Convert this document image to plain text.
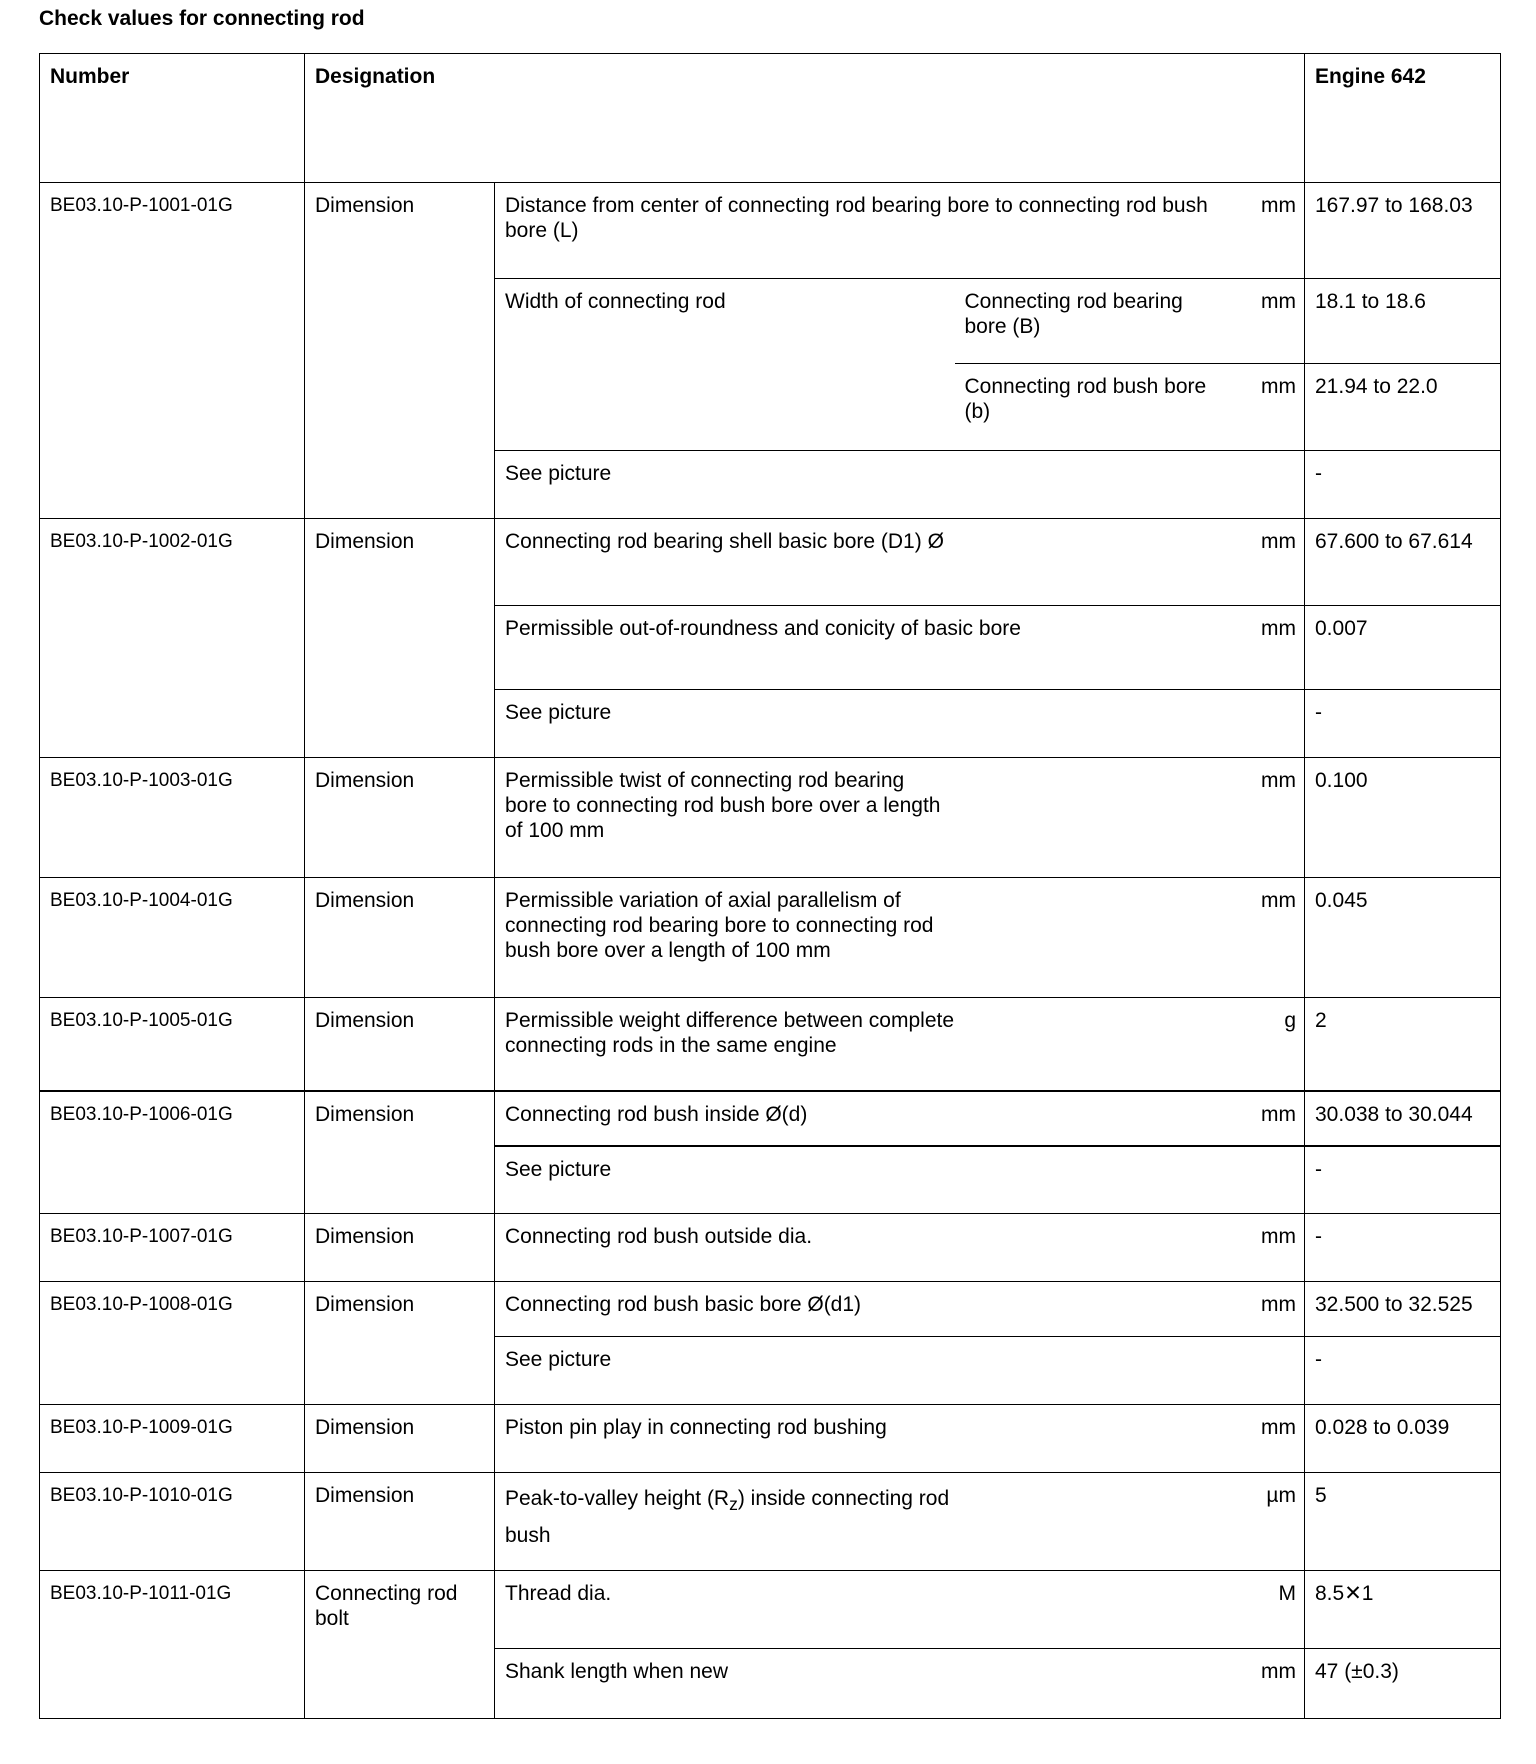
Check values for connecting rod
Number	Designation				Engine 642
BE03.10-P-1001-01G	Dimension	Distance from center of connecting rod bearing bore to connecting rod bush bore (L)		mm	167.97 to 168.03
		Width of connecting rod	Connecting rod bearing bore (B)	mm	18.1 to 18.6
			Connecting rod bush bore (b)	mm	21.94 to 22.0
		See picture			-
BE03.10-P-1002-01G	Dimension	Connecting rod bearing shell basic bore (D1) Ø		mm	67.600 to 67.614
		Permissible out-of-roundness and conicity of basic bore		mm	0.007
		See picture			-
BE03.10-P-1003-01G	Dimension	Permissible twist of connecting rod bearing bore to connecting rod bush bore over a length of 100 mm		mm	0.100
BE03.10-P-1004-01G	Dimension	Permissible variation of axial parallelism of connecting rod bearing bore to connecting rod bush bore over a length of 100 mm		mm	0.045
BE03.10-P-1005-01G	Dimension	Permissible weight difference between complete connecting rods in the same engine		g	2
BE03.10-P-1006-01G	Dimension	Connecting rod bush inside Ø(d)		mm	30.038 to 30.044
		See picture			-
BE03.10-P-1007-01G	Dimension	Connecting rod bush outside dia.		mm	-
BE03.10-P-1008-01G	Dimension	Connecting rod bush basic bore Ø(d1)		mm	32.500 to 32.525
		See picture			-
BE03.10-P-1009-01G	Dimension	Piston pin play in connecting rod bushing		mm	0.028 to 0.039
BE03.10-P-1010-01G	Dimension	Peak-to-valley height $(R_z)$ inside connecting rod bush		µm	5
BE03.10-P-1011-01G	Connecting rod bolt	Thread dia.		M	8.5✕1
		Shank length when new		mm	47 (±0.3)
